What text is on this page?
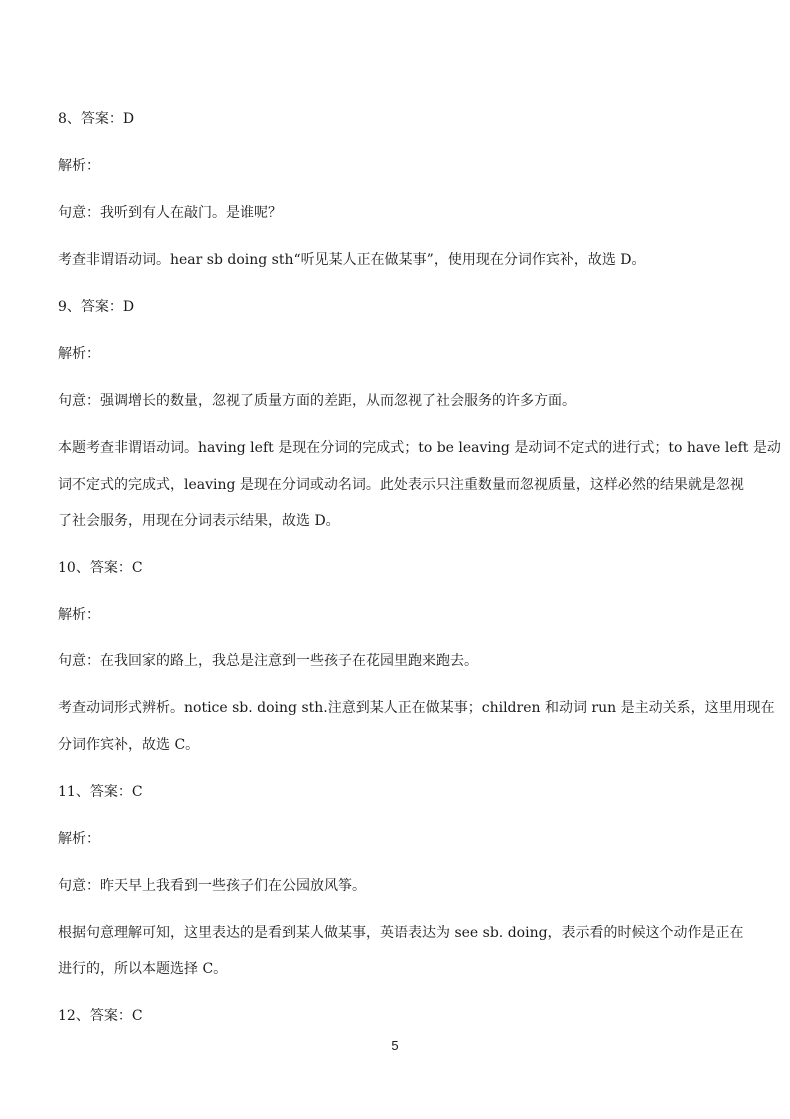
8、答案：D
解析：
句意：我听到有人在敲门。是谁呢？
考查非谓语动词。hear sb doing sth“听见某人正在做某事”，使用现在分词作宾补，故选 D。
9、答案：D
解析：
句意：强调增长的数量，忽视了质量方面的差距，从而忽视了社会服务的许多方面。
本题考查非谓语动词。having left 是现在分词的完成式；to be leaving 是动词不定式的进行式；to have left 是动
词不定式的完成式，leaving 是现在分词或动名词。此处表示只注重数量而忽视质量，这样必然的结果就是忽视
了社会服务，用现在分词表示结果，故选 D。
10、答案：C
解析：
句意：在我回家的路上，我总是注意到一些孩子在花园里跑来跑去。
考查动词形式辨析。notice sb. doing sth.注意到某人正在做某事；children 和动词 run 是主动关系，这里用现在
分词作宾补，故选 C。
11、答案：C
解析：
句意：昨天早上我看到一些孩子们在公园放风筝。
根据句意理解可知，这里表达的是看到某人做某事，英语表达为 see sb. doing，表示看的时候这个动作是正在
进行的，所以本题选择 C。
12、答案：C
5
